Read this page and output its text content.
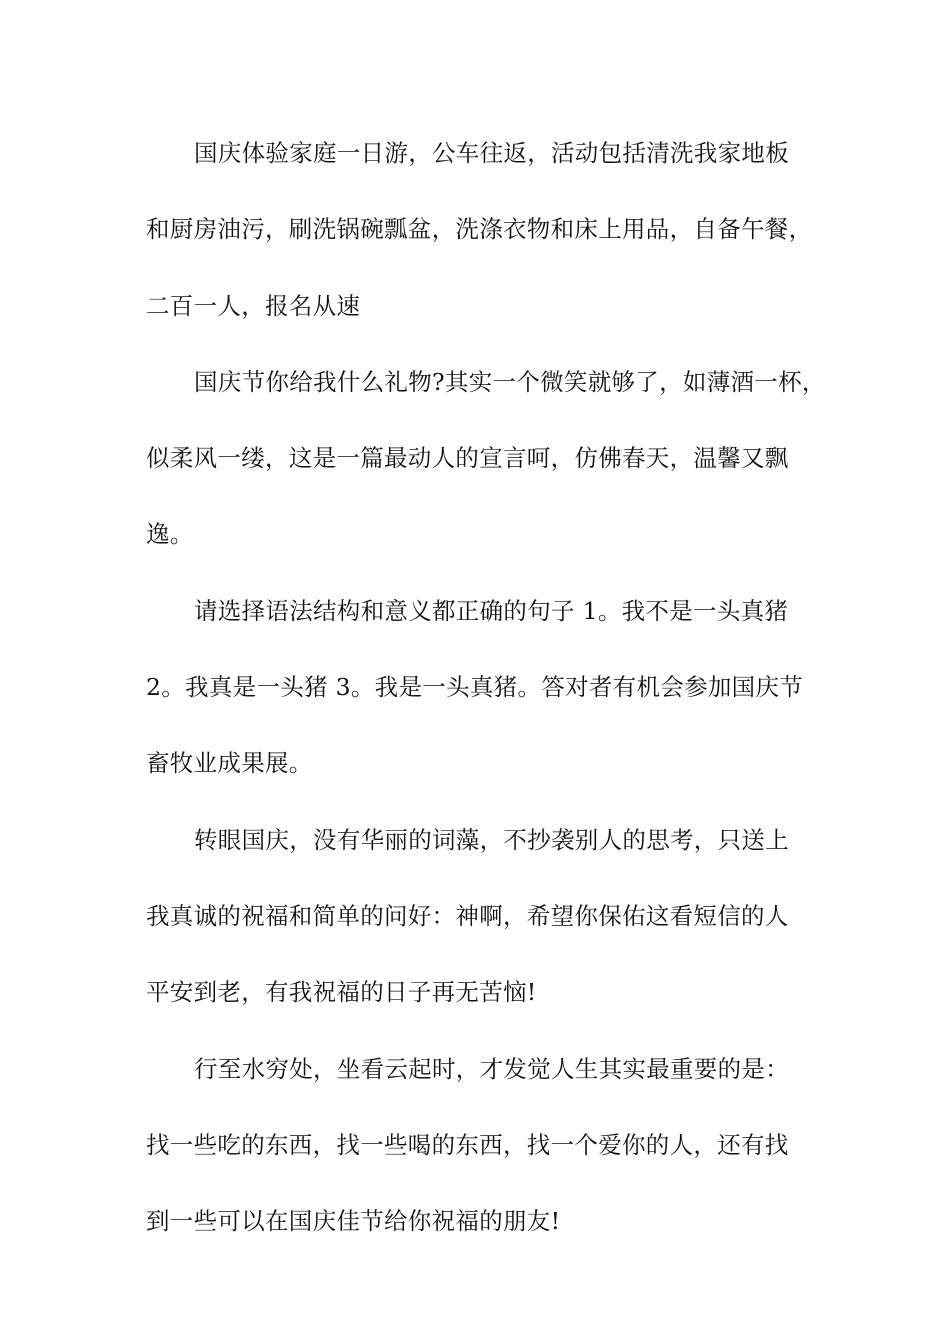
国庆体验家庭一日游，公车往返，活动包括清洗我家地板
和厨房油污，刷洗锅碗瓢盆，洗涤衣物和床上用品，自备午餐，
二百一人，报名从速
国庆节你给我什么礼物?其实一个微笑就够了，如薄酒一杯，
似柔风一缕，这是一篇最动人的宣言呵，仿佛春天，温馨又飘
逸。
请选择语法结构和意义都正确的句子 1。我不是一头真猪
2。我真是一头猪 3。我是一头真猪。答对者有机会参加国庆节
畜牧业成果展。
转眼国庆，没有华丽的词藻，不抄袭别人的思考，只送上
我真诚的祝福和简单的问好：神啊，希望你保佑这看短信的人
平安到老，有我祝福的日子再无苦恼!
行至水穷处，坐看云起时，才发觉人生其实最重要的是：
找一些吃的东西，找一些喝的东西，找一个爱你的人，还有找
到一些可以在国庆佳节给你祝福的朋友!
